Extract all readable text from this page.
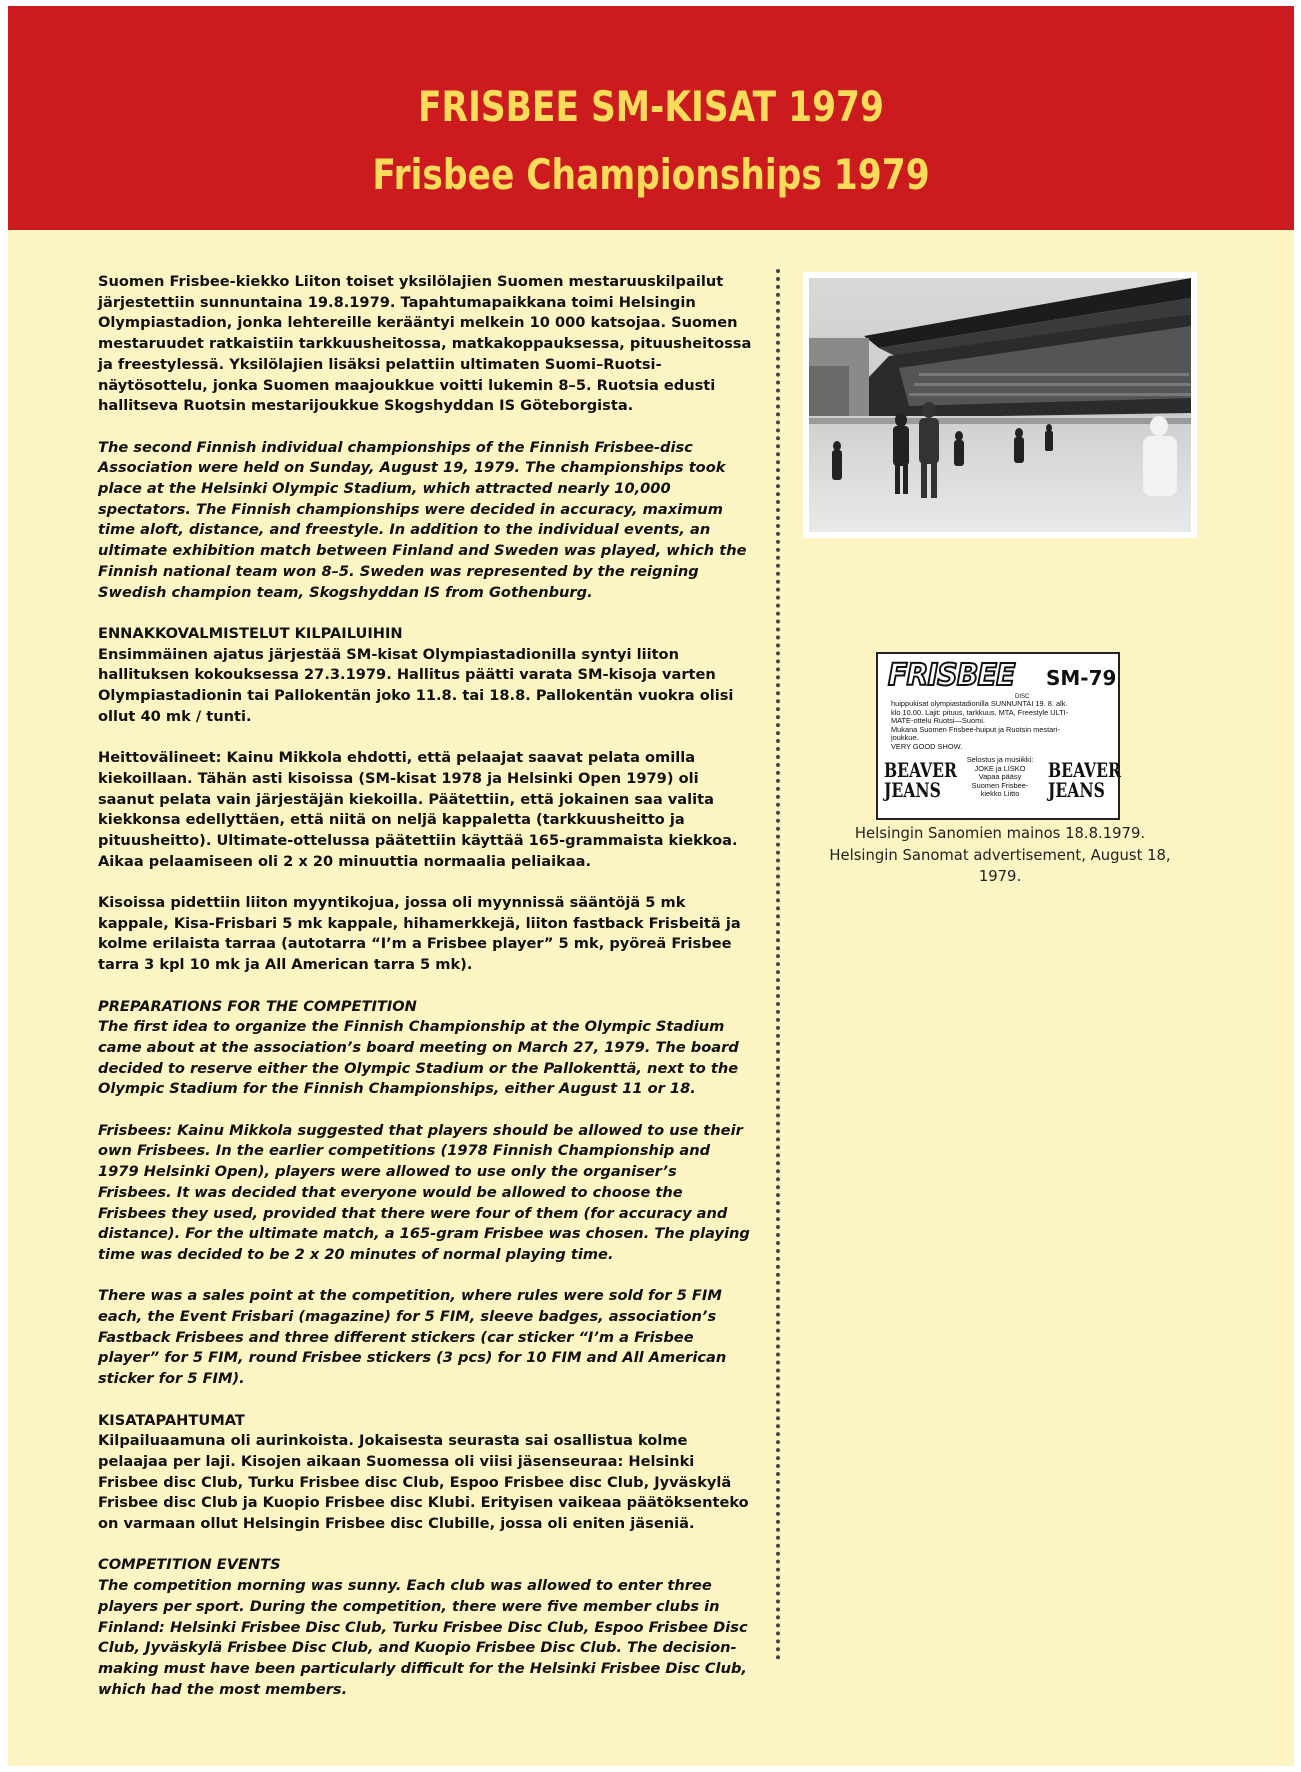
FRISBEE SM-KISAT 1979
Frisbee Championships 1979

Suomen Frisbee-kiekko Liiton toiset yksilölajien Suomen mestaruuskilpailut järjestettiin sunnuntaina 19.8.1979. Tapahtumapaikkana toimi Helsingin Olympiastadion, jonka lehtereille kerääntyi melkein 10 000 katsojaa. Suomen mestaruudet ratkaistiin tarkkuusheitossa, matkakoppauksessa, pituusheitossa ja freestylessä. Yksilölajien lisäksi pelattiin ultimaten Suomi–Ruotsi-näytösottelu, jonka Suomen maajoukkue voitti lukemin 8–5. Ruotsia edusti hallitseva Ruotsin mestarijoukkue Skogshyddan IS Göteborgista.

The second Finnish individual championships of the Finnish Frisbee-disc Association were held on Sunday, August 19, 1979. The championships took place at the Helsinki Olympic Stadium, which attracted nearly 10,000 spectators. The Finnish championships were decided in accuracy, maximum time aloft, distance, and freestyle. In addition to the individual events, an ultimate exhibition match between Finland and Sweden was played, which the Finnish national team won 8–5. Sweden was represented by the reigning Swedish champion team, Skogshyddan IS from Gothenburg.

ENNAKKOVALMISTELUT KILPAILUIHIN
Ensimmäinen ajatus järjestää SM-kisat Olympiastadionilla syntyi liiton hallituksen kokouksessa 27.3.1979. Hallitus päätti varata SM-kisoja varten Olympiastadionin tai Pallokentän joko 11.8. tai 18.8. Pallokentän vuokra olisi ollut 40 mk / tunti.

Heittovälineet: Kainu Mikkola ehdotti, että pelaajat saavat pelata omilla kiekoillaan. Tähän asti kisoissa (SM-kisat 1978 ja Helsinki Open 1979) oli saanut pelata vain järjestäjän kiekoilla. Päätettiin, että jokainen saa valita kiekkonsa edellyttäen, että niitä on neljä kappaletta (tarkkuusheitto ja pituusheitto). Ultimate-ottelussa päätettiin käyttää 165-grammaista kiekkoa. Aikaa pelaamiseen oli 2 x 20 minuuttia normaalia peliaikaa.

Kisoissa pidettiin liiton myyntikojua, jossa oli myynnissä sääntöjä 5 mk kappale, Kisa-Frisbari 5 mk kappale, hihamerkkejä, liiton fastback Frisbeitä ja kolme erilaista tarraa (autotarra “I’m a Frisbee player” 5 mk, pyöreä Frisbee tarra 3 kpl 10 mk ja All American tarra 5 mk).

PREPARATIONS FOR THE COMPETITION
The first idea to organize the Finnish Championship at the Olympic Stadium came about at the association’s board meeting on March 27, 1979. The board decided to reserve either the Olympic Stadium or the Pallokenttä, next to the Olympic Stadium for the Finnish Championships, either August 11 or 18.

Frisbees: Kainu Mikkola suggested that players should be allowed to use their own Frisbees. In the earlier competitions (1978 Finnish Championship and 1979 Helsinki Open), players were allowed to use only the organiser’s Frisbees. It was decided that everyone would be allowed to choose the Frisbees they used, provided that there were four of them (for accuracy and distance). For the ultimate match, a 165-gram Frisbee was chosen. The playing time was decided to be 2 x 20 minutes of normal playing time.

There was a sales point at the competition, where rules were sold for 5 FIM each, the Event Frisbari (magazine) for 5 FIM, sleeve badges, association’s Fastback Frisbees and three different stickers (car sticker “I’m a Frisbee player” for 5 FIM, round Frisbee stickers (3 pcs) for 10 FIM and All American sticker for 5 FIM).

KISATAPAHTUMAT
Kilpailuaamuna oli aurinkoista. Jokaisesta seurasta sai osallistua kolme pelaajaa per laji. Kisojen aikaan Suomessa oli viisi jäsenseuraa: Helsinki Frisbee disc Club, Turku Frisbee disc Club, Espoo Frisbee disc Club, Jyväskylä Frisbee disc Club ja Kuopio Frisbee disc Klubi. Erityisen vaikeaa päätöksenteko on varmaan ollut Helsingin Frisbee disc Clubille, jossa oli eniten jäseniä.

COMPETITION EVENTS
The competition morning was sunny. Each club was allowed to enter three players per sport. During the competition, there were five member clubs in Finland: Helsinki Frisbee Disc Club, Turku Frisbee Disc Club, Espoo Frisbee Disc Club, Jyväskylä Frisbee Disc Club, and Kuopio Frisbee Disc Club. The decision-making must have been particularly difficult for the Helsinki Frisbee Disc Club, which had the most members.

FRISBEE
DISC
SM-79
huippukisat olympiastadionilla SUNNUNTAI 19. 8. alk.
klo 10.00. Lajit: pituus, tarkkuus, MTA, Freestyle ULTI-
MATE-ottelu Ruotsi—Suomi.
Mukana Suomen Frisbee-huiput ja Ruotsin mestari-
joukkue.
VERY GOOD SHOW.
Selostus ja musiikki:
JOKE ja LISKO
Vapaa pääsy
Suomen Frisbee-
kiekko Liitto
BEAVER
JEANS
BEAVER
JEANS
Helsingin Sanomien mainos 18.8.1979.
Helsingin Sanomat advertisement, August 18, 1979.
